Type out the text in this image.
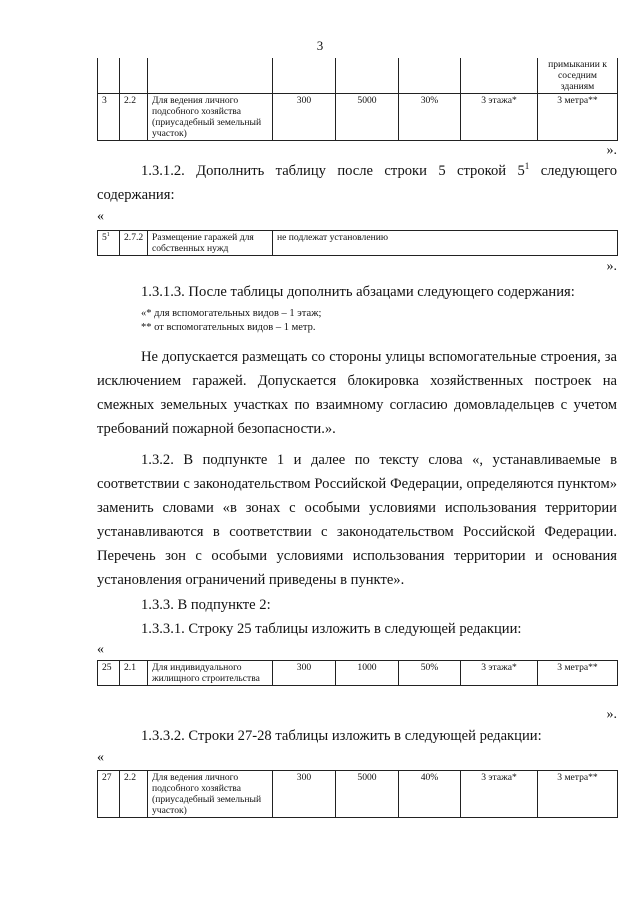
3
							примыкании к соседним зданиям
3	2.2	Для ведения личного подсобного хозяйства (приусадебный земельный участок)	300	5000	30%	3 этажа*	3 метра**
».
1.3.1.2. Дополнить таблицу после строки 5 строкой $5^1$ следующего содержания:
«
$5^1$	2.7.2	Размещение гаражей для собственных нужд	не подлежат установлению
».
1.3.1.3. После таблицы дополнить абзацами следующего содержания:
«* для вспомогательных видов – 1 этаж;
** от вспомогательных видов – 1 метр.
Не допускается размещать со стороны улицы вспомогательные строения, за исключением гаражей. Допускается блокировка хозяйственных построек на смежных земельных участках по взаимному согласию домовладельцев с учетом требований пожарной безопасности.».
1.3.2. В подпункте 1 и далее по тексту слова «, устанавливаемые в соответствии с законодательством Российской Федерации, определяются пунктом» заменить словами «в зонах с особыми условиями использования территории устанавливаются в соответствии с законодательством Российской Федерации. Перечень зон с особыми условиями использования территории и основания установления ограничений приведены в пункте».
1.3.3. В подпункте 2:
1.3.3.1. Строку 25 таблицы изложить в следующей редакции:
«
25	2.1	Для индивидуального жилищного строительства	300	1000	50%	3 этажа*	3 метра**
».
1.3.3.2. Строки 27-28 таблицы изложить в следующей редакции:
«
27	2.2	Для ведения личного подсобного хозяйства (приусадебный земельный участок)	300	5000	40%	3 этажа*	3 метра**
